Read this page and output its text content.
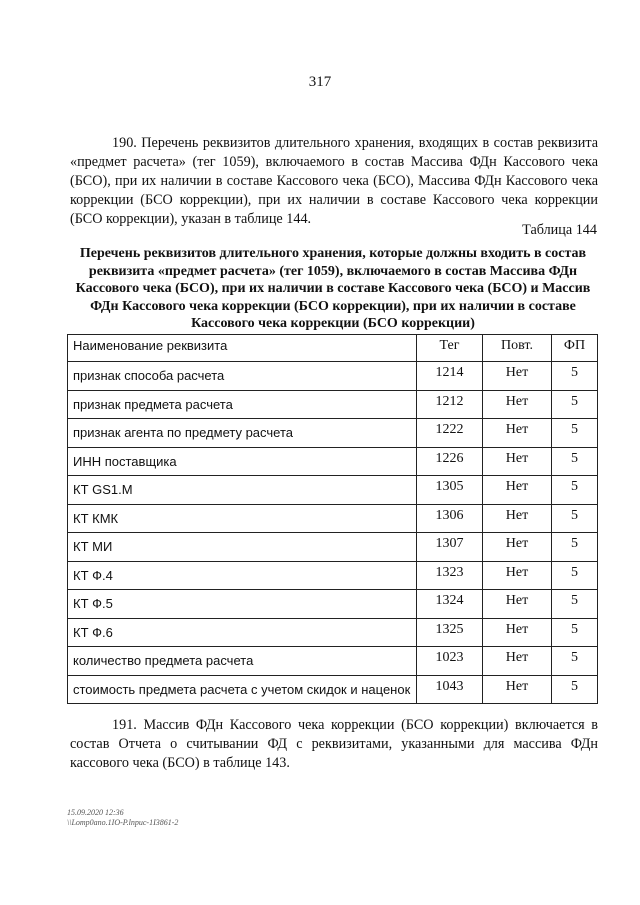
317

190. Перечень реквизитов длительного хранения, входящих в состав реквизита «предмет расчета» (тег 1059), включаемого в состав Массива ФДн Кассового чека (БСО), при их наличии в составе Кассового чека (БСО), Массива ФДн Кассового чека коррекции (БСО коррекции), при их наличии в составе Кассового чека коррекции (БСО коррекции), указан в таблице 144.

Таблица 144
Перечень реквизитов длительного хранения, которые должны входить в состав реквизита «предмет расчета» (тег 1059), включаемого в состав Массива ФДн Кассового чека (БСО), при их наличии в составе Кассового чека (БСО) и Массив ФДн Кассового чека коррекции (БСО коррекции), при их наличии в составе Кассового чека коррекции (БСО коррекции)
Наименование реквизита	Тег	Повт.	ФП
признак способа расчета	1214	Нет	5
признак предмета расчета	1212	Нет	5
признак агента по предмету расчета	1222	Нет	5
ИНН поставщика	1226	Нет	5
КТ GS1.M	1305	Нет	5
КТ КМК	1306	Нет	5
КТ МИ	1307	Нет	5
КТ Ф.4	1323	Нет	5
КТ Ф.5	1324	Нет	5
КТ Ф.6	1325	Нет	5
количество предмета расчета	1023	Нет	5
стоимость предмета расчета с учетом скидок и наценок	1043	Нет	5

191. Массив ФДн Кассового чека коррекции (БСО коррекции) включается в состав Отчета о считывании ФД с реквизитами, указанными для массива ФДн кассового чека (БСО) в таблице 143.

15.09.2020 12:36
\\Lomp0ano.1IO-P.lnpuc-1I3861-2
